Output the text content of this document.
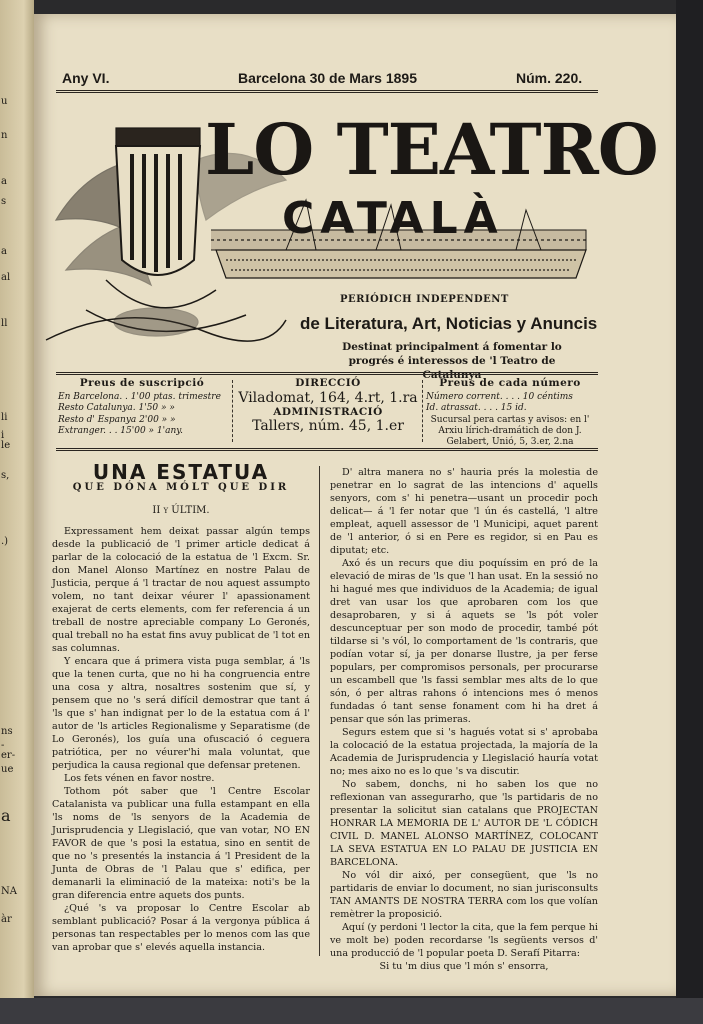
u
n
a
s
a
al
ll
li
i
le
s,
.)
ns
-
er-
ue
a
NA
àr
Any VI.	Barcelona 30 de Mars 1895	Núm. 220.
LO TEATRO
CATALÀ
PERIÓDICH INDEPENDENT
de Literatura, Art, Noticias y Anuncis
Destinat principalment á fomentar lo progrés é interessos de 'l Teatro de Catalunya
Preus de suscripció
En Barcelona. . 1'00 ptas. trimestre
Resto Catalunya. 1'50 » »
Resto d' Espanya 2'00 » »
Extranger. . . 15'00 » 1'any.
DIRECCIÓ
Viladomat, 164, 4.rt, 1.ra
ADMINISTRACIÓ
Tallers, núm. 45, 1.er
Preus de cada número
Número corrent. . . . 10 céntims
Id. atrassat. . . . 15 id.
Sucursal pera cartas y avisos: en l' Arxiu lírich-dramátich de don J. Gelabert, Unió, 5, 3.er, 2.na
UNA ESTATUA
QUE DÓNA MÓLT QUE DIR
II y ÚLTIM.

Expressament hem deixat passar algún temps desde la publicació de 'l primer article dedicat á parlar de la colocació de la estatua de 'l Excm. Sr. don Manel Alonso Martínez en nostre Palau de Justicia, perque á 'l tractar de nou aquest assumpto volem, no tant deixar véurer l' apassionament exajerat de certs elements, com fer referencia á un treball de nostre apreciable company Lo Geronés, qual treball no ha estat fins avuy publicat de 'l tot en sas columnas.

Y encara que á primera vista puga semblar, á 'ls que la tenen curta, que no hi ha congruencia entre una cosa y altra, nosaltres sostenim que sí, y pensem que no 's será difícil demostrar que tant á 'ls que s' han indignat per lo de la estatua com á l' autor de 'ls articles Regionalisme y Separatisme (de Lo Geronés), los guía una ofuscació ó ceguera patriótica, per no véurer'hi mala voluntat, que perjudica la causa regional que defensar pretenen.

Los fets vénen en favor nostre.

Tothom pót saber que 'l Centre Escolar Catalanista va publicar una fulla estampant en ella 'ls noms de 'ls senyors de la Academia de Jurisprudencia y Llegislació, que van votar, NO EN FAVOR de que 's posi la estatua, sino en sentit de que no 's presentés la instancia á 'l President de la Junta de Obras de 'l Palau que s' edifica, per demanarli la eliminació de la mateixa: noti's be la gran diferencia entre aquets dos punts.

¿Qué 's va proposar lo Centre Escolar ab semblant publicació? Posar á la vergonya pública á personas tan respectables per lo menos com las que van aprobar que s' elevés aquella instancia.

D' altra manera no s' hauria prés la molestia de penetrar en lo sagrat de las intencions d' aquells senyors, com s' hi penetra—usant un procedir poch delicat— á 'l fer notar que 'l ún és castellá, 'l altre empleat, aquell assessor de 'l Municipi, aquet parent de 'l anterior, ó si en Pere es regidor, si en Pau es diputat; etc.

Axó és un recurs que diu poquíssim en pró de la elevació de miras de 'ls que 'l han usat. En la sessió no hi hagué mes que individuos de la Academia; de igual dret van usar los que aprobaren com los que desaprobaren, y si á aquets se 'ls pót voler descunceptuar per son modo de procedir, també pót tildarse si 's vól, lo comportament de 'ls contraris, que podían votar sí, ja per donarse llustre, ja per ferse populars, per compromisos personals, per procurarse un escambell que 'ls fassi semblar mes alts de lo que són, ó per altras rahons ó intencions mes ó menos fundadas ó tant sense fonament com hi ha dret á pensar que són las primeras.

Segurs estem que si 's hagués votat si s' aprobaba la colocació de la estatua projectada, la majoría de la Academia de Jurisprudencia y Llegislació hauría votat no; mes aixo no es lo que 's va discutir.

No sabem, donchs, ni ho saben los que no reflexionan van assegurarho, que 'ls partidaris de no presentar la solicitut sian catalans que PROJECTAN HONRAR LA MEMORIA DE L' AUTOR DE 'L CÓDICH CIVIL D. MANEL ALONSO MARTÍNEZ, COLOCANT LA SEVA ESTATUA EN LO PALAU DE JUSTICIA EN BARCELONA.

No vól dir aixó, per consegüent, que 'ls no partidaris de enviar lo document, no sian jurisconsults TAN AMANTS DE NOSTRA TERRA com los que volían remètrer la proposició.

Aquí (y perdoni 'l lector la cita, que la fem perque hi ve molt be) poden recordarse 'ls següents versos d' una producció de 'l popular poeta D. Serafí Pitarra:

Si tu 'm dius que 'l món s' ensorra,
